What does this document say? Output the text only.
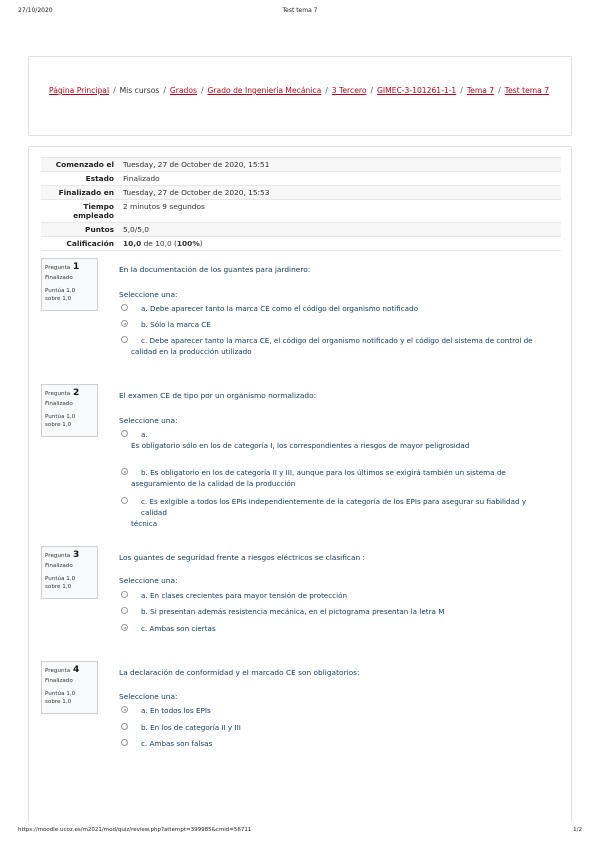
27/10/2020	Test tema 7
Página Principal / Mis cursos / Grados / Grado de Ingeniería Mecánica / 3 Tercero / GIMEC-3-101261-1-1 / Tema 7 / Test tema 7
Comenzado el	Tuesday, 27 de October de 2020, 15:51
Estado	Finalizado
Finalizado en	Tuesday, 27 de October de 2020, 15:53
Tiempo empleado	2 minutos 9 segundos
Puntos	5,0/5,0
Calificación	10,0 de 10,0 (100%)
Pregunta 1
Finalizado
Puntúa 1,0
sobre 1,0
En la documentación de los guantes para jardinero:
Seleccione una:
a. Debe aparecer tanto la marca CE como el código del organismo notificado
b. Sólo la marca CE
c. Debe aparecer tanto la marca CE, el código del organismo notificado y el código del sistema de control de
calidad en la producción utilizado
Pregunta 2
Finalizado
Puntúa 1,0
sobre 1,0
El examen CE de tipo por un organismo normalizado:
Seleccione una:
a.
Es obligatorio sólo en los de categoría I, los correspondientes a riesgos de mayor peligrosidad
b. Es obligatorio en los de categoría II y III, aunque para los últimos se exigirá también un sistema de
aseguramiento de la calidad de la producción
c. Es exigible a todos los EPIs independientemente de la categoría de los EPIs para asegurar su fiabilidad y calidad
técnica
Pregunta 3
Finalizado
Puntúa 1,0
sobre 1,0
Los guantes de seguridad frente a riesgos eléctricos se clasifican :
Seleccione una:
a. En clases crecientes para mayor tensión de protección
b. Si presentan además resistencia mecánica, en el pictograma presentan la letra M
c. Ambas son ciertas
Pregunta 4
Finalizado
Puntúa 1,0
sobre 1,0
La declaración de conformidad y el marcado CE son obligatorios:
Seleccione una:
a. En todos los EPIs
b. En los de categoría II y III
c. Ambas son falsas
https://moodle.ucoz.es/m2021/mod/quiz/review.php?attempt=399985&cmid=56711	1/2
